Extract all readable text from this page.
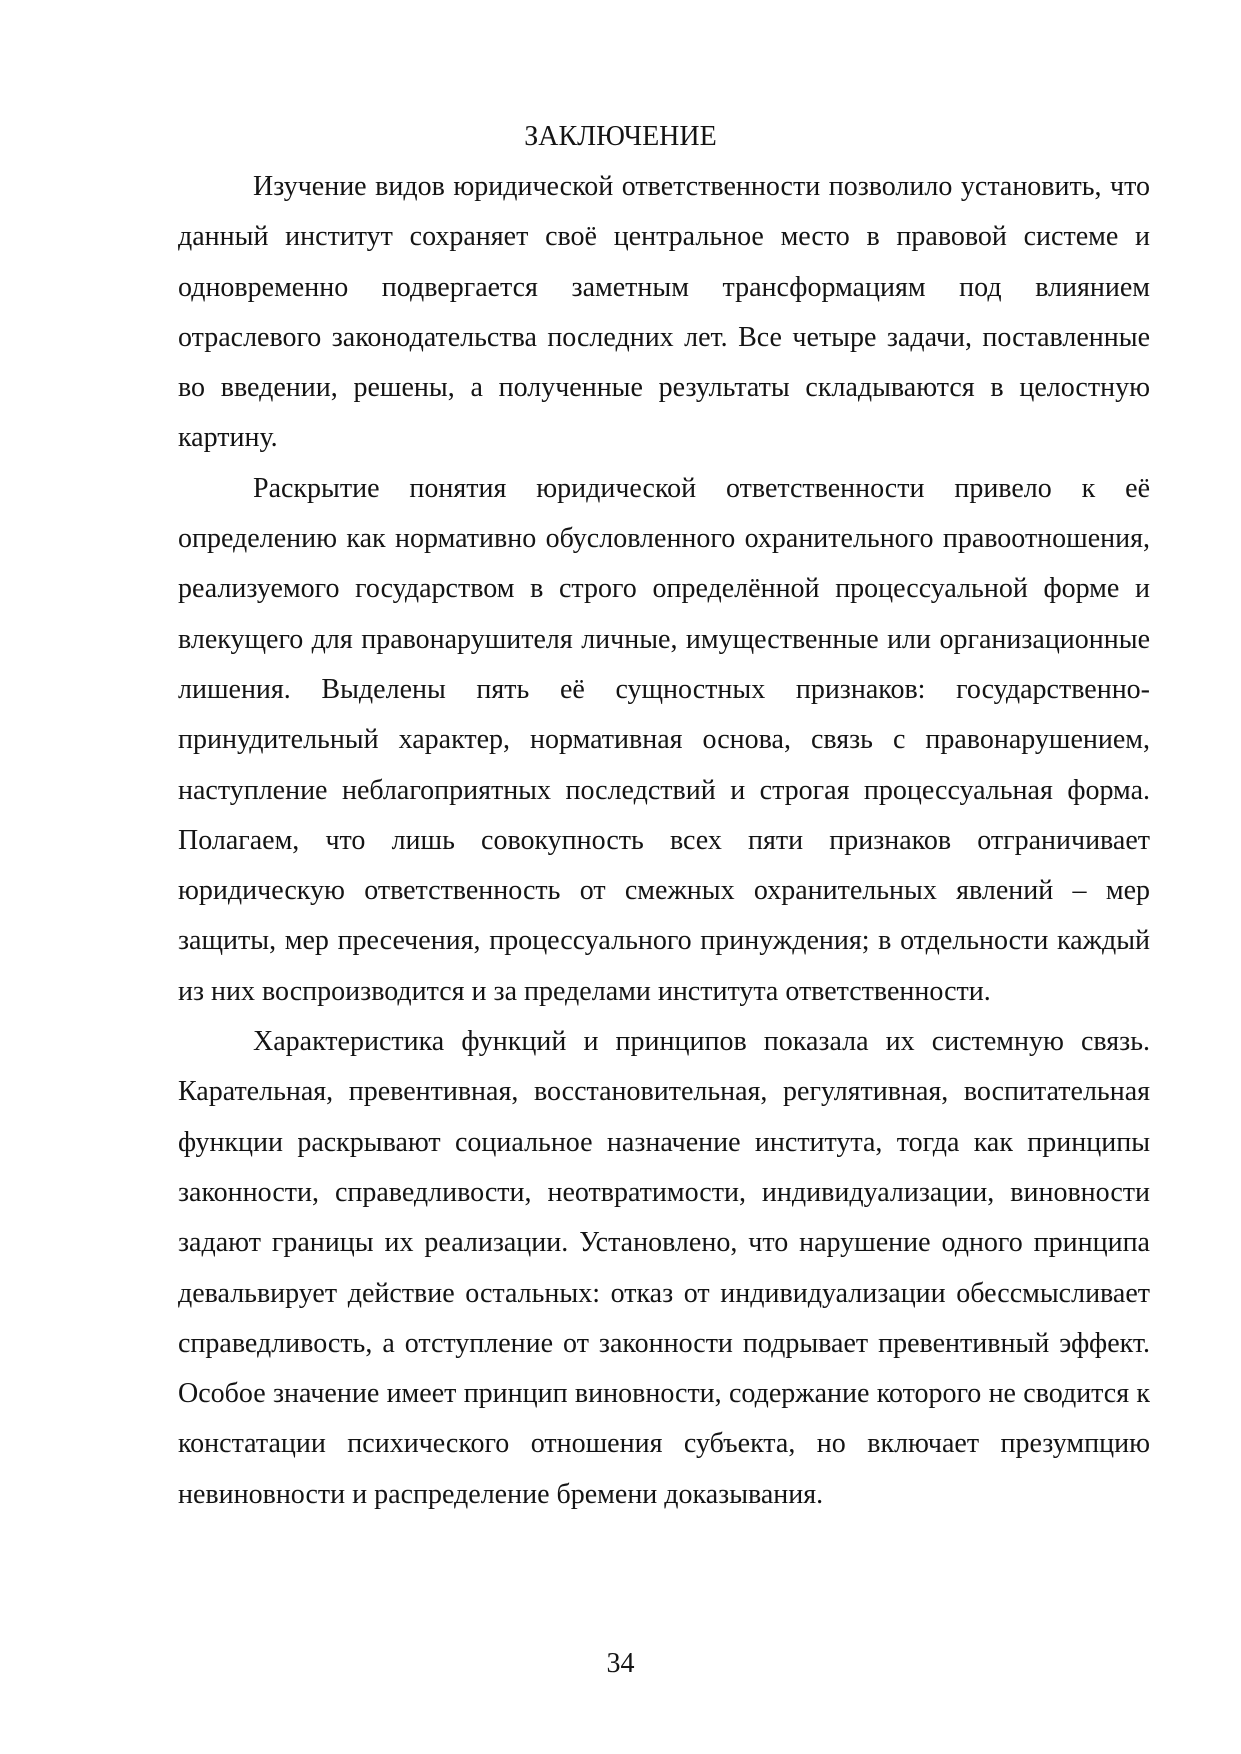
ЗАКЛЮЧЕНИЕ

Изучение видов юридической ответственности позволило установить, что данный институт сохраняет своё центральное место в правовой системе и одновременно подвергается заметным трансформациям под влиянием отраслевого законодательства последних лет. Все четыре задачи, поставленные во введении, решены, а полученные результаты складываются в целостную картину.

Раскрытие понятия юридической ответственности привело к её определению как нормативно обусловленного охранительного правоотношения, реализуемого государством в строго определённой процессуальной форме и влекущего для правонарушителя личные, имущественные или организационные лишения. Выделены пять её сущностных признаков: государственно-принудительный характер, нормативная основа, связь с правонарушением, наступление неблагоприятных последствий и строгая процессуальная форма. Полагаем, что лишь совокупность всех пяти признаков отграничивает юридическую ответственность от смежных охранительных явлений – мер защиты, мер пресечения, процессуального принуждения; в отдельности каждый из них воспроизводится и за пределами института ответственности.

Характеристика функций и принципов показала их системную связь. Карательная, превентивная, восстановительная, регулятивная, воспитательная функции раскрывают социальное назначение института, тогда как принципы законности, справедливости, неотвратимости, индивидуализации, виновности задают границы их реализации. Установлено, что нарушение одного принципа девальвирует действие остальных: отказ от индивидуализации обессмысливает справедливость, а отступление от законности подрывает превентивный эффект. Особое значение имеет принцип виновности, содержание которого не сводится к констатации психического отношения субъекта, но включает презумпцию невиновности и распределение бремени доказывания.

34
